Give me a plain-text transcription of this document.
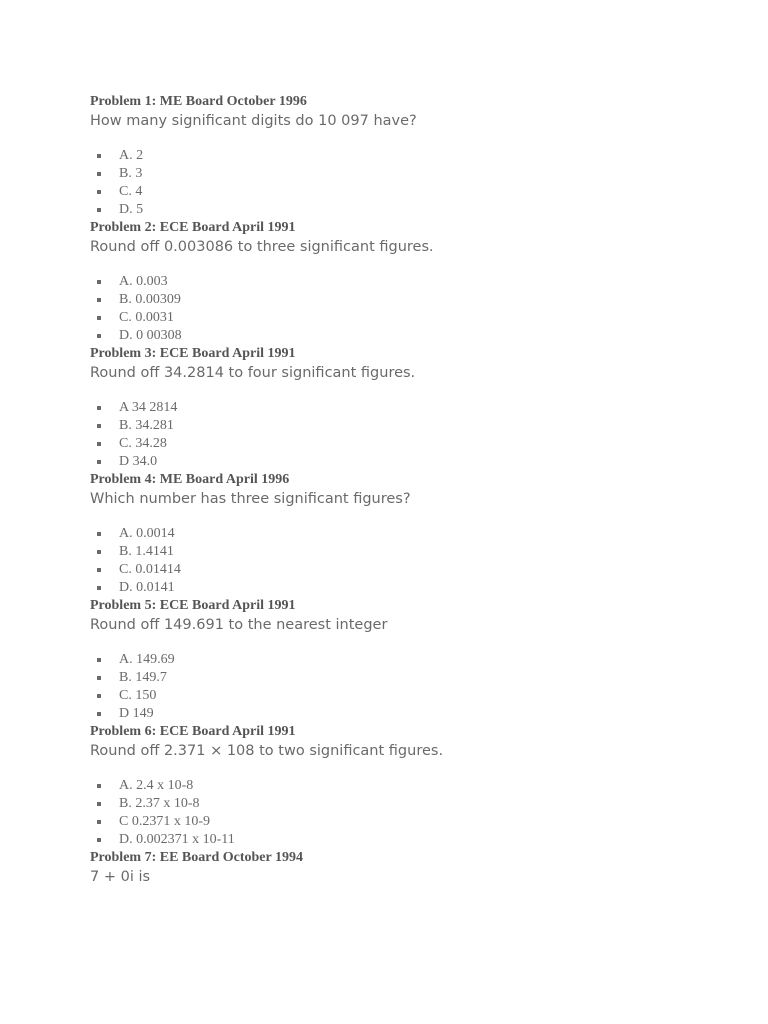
Problem 1: ME Board October 1996

How many significant digits do 10 097 have?

A. 2
B. 3
C. 4
D. 5

Problem 2: ECE Board April 1991

Round off 0.003086 to three significant figures.

A. 0.003
B. 0.00309
C. 0.0031
D. 0 00308

Problem 3: ECE Board April 1991

Round off 34.2814 to four significant figures.

A 34 2814
B. 34.281
C. 34.28
D 34.0

Problem 4: ME Board April 1996

Which number has three significant figures?

A. 0.0014
B. 1.4141
C. 0.01414
D. 0.0141

Problem 5: ECE Board April 1991

Round off 149.691 to the nearest integer

A. 149.69
B. 149.7
C. 150
D 149

Problem 6: ECE Board April 1991

Round off 2.371 × 108 to two significant figures.

A. 2.4 x 10-8
B. 2.37 x 10-8
C 0.2371 x 10-9
D. 0.002371 x 10-11

Problem 7: EE Board October 1994

7 + 0i is
